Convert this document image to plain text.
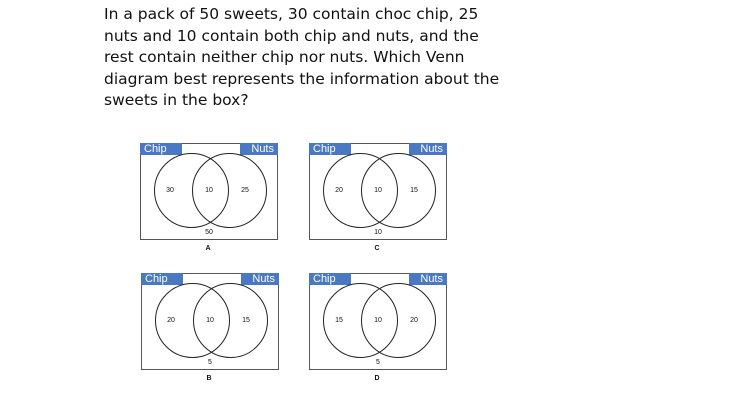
In a pack of 50 sweets, 30 contain choc chip, 25 nuts and 10 contain both chip and nuts, and the rest contain neither chip nor nuts. Which Venn diagram best represents the information about the sweets in the box?

Chip	Nuts
30	10	25
50
A
Chip	Nuts
20	10	15
10
C
Chip	Nuts
20	10	15
5
B
Chip	Nuts
15	10	20
5
D
